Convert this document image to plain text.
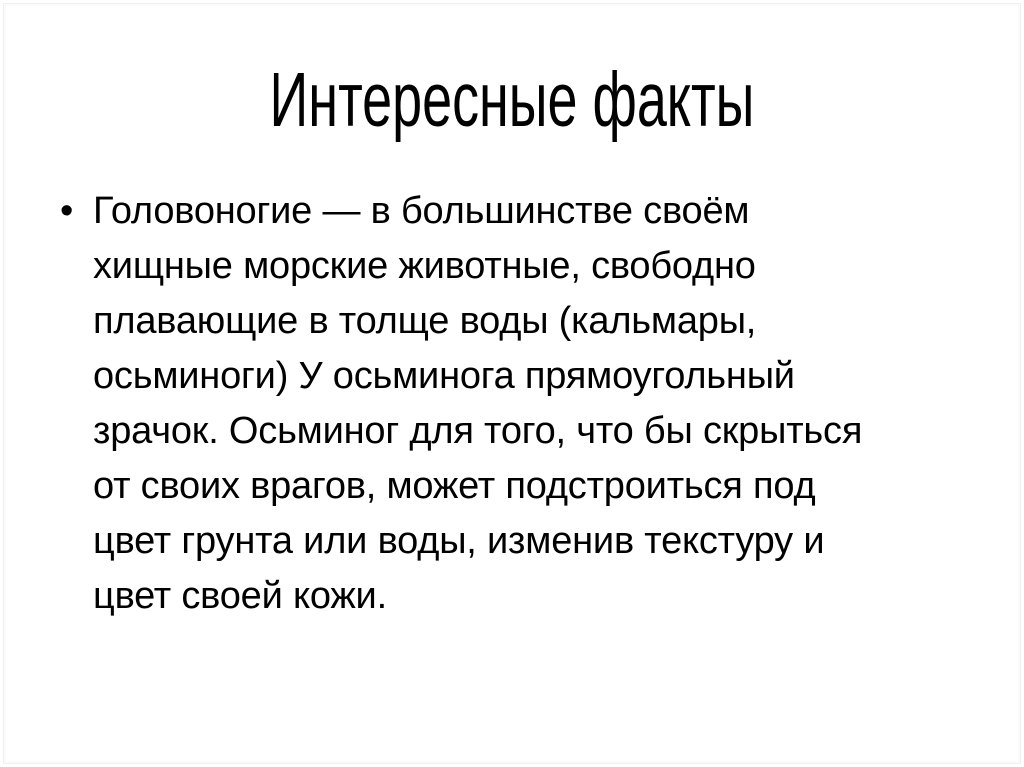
Интересные факты
• Головоногие — в большинстве своём
хищные морские животные, свободно
плавающие в толще воды (кальмары,
осьминоги) У осьминога прямоугольный
зрачок. Осьминог для того, что бы скрыться
от своих врагов, может подстроиться под
цвет грунта или воды, изменив текстуру и
цвет своей кожи.
